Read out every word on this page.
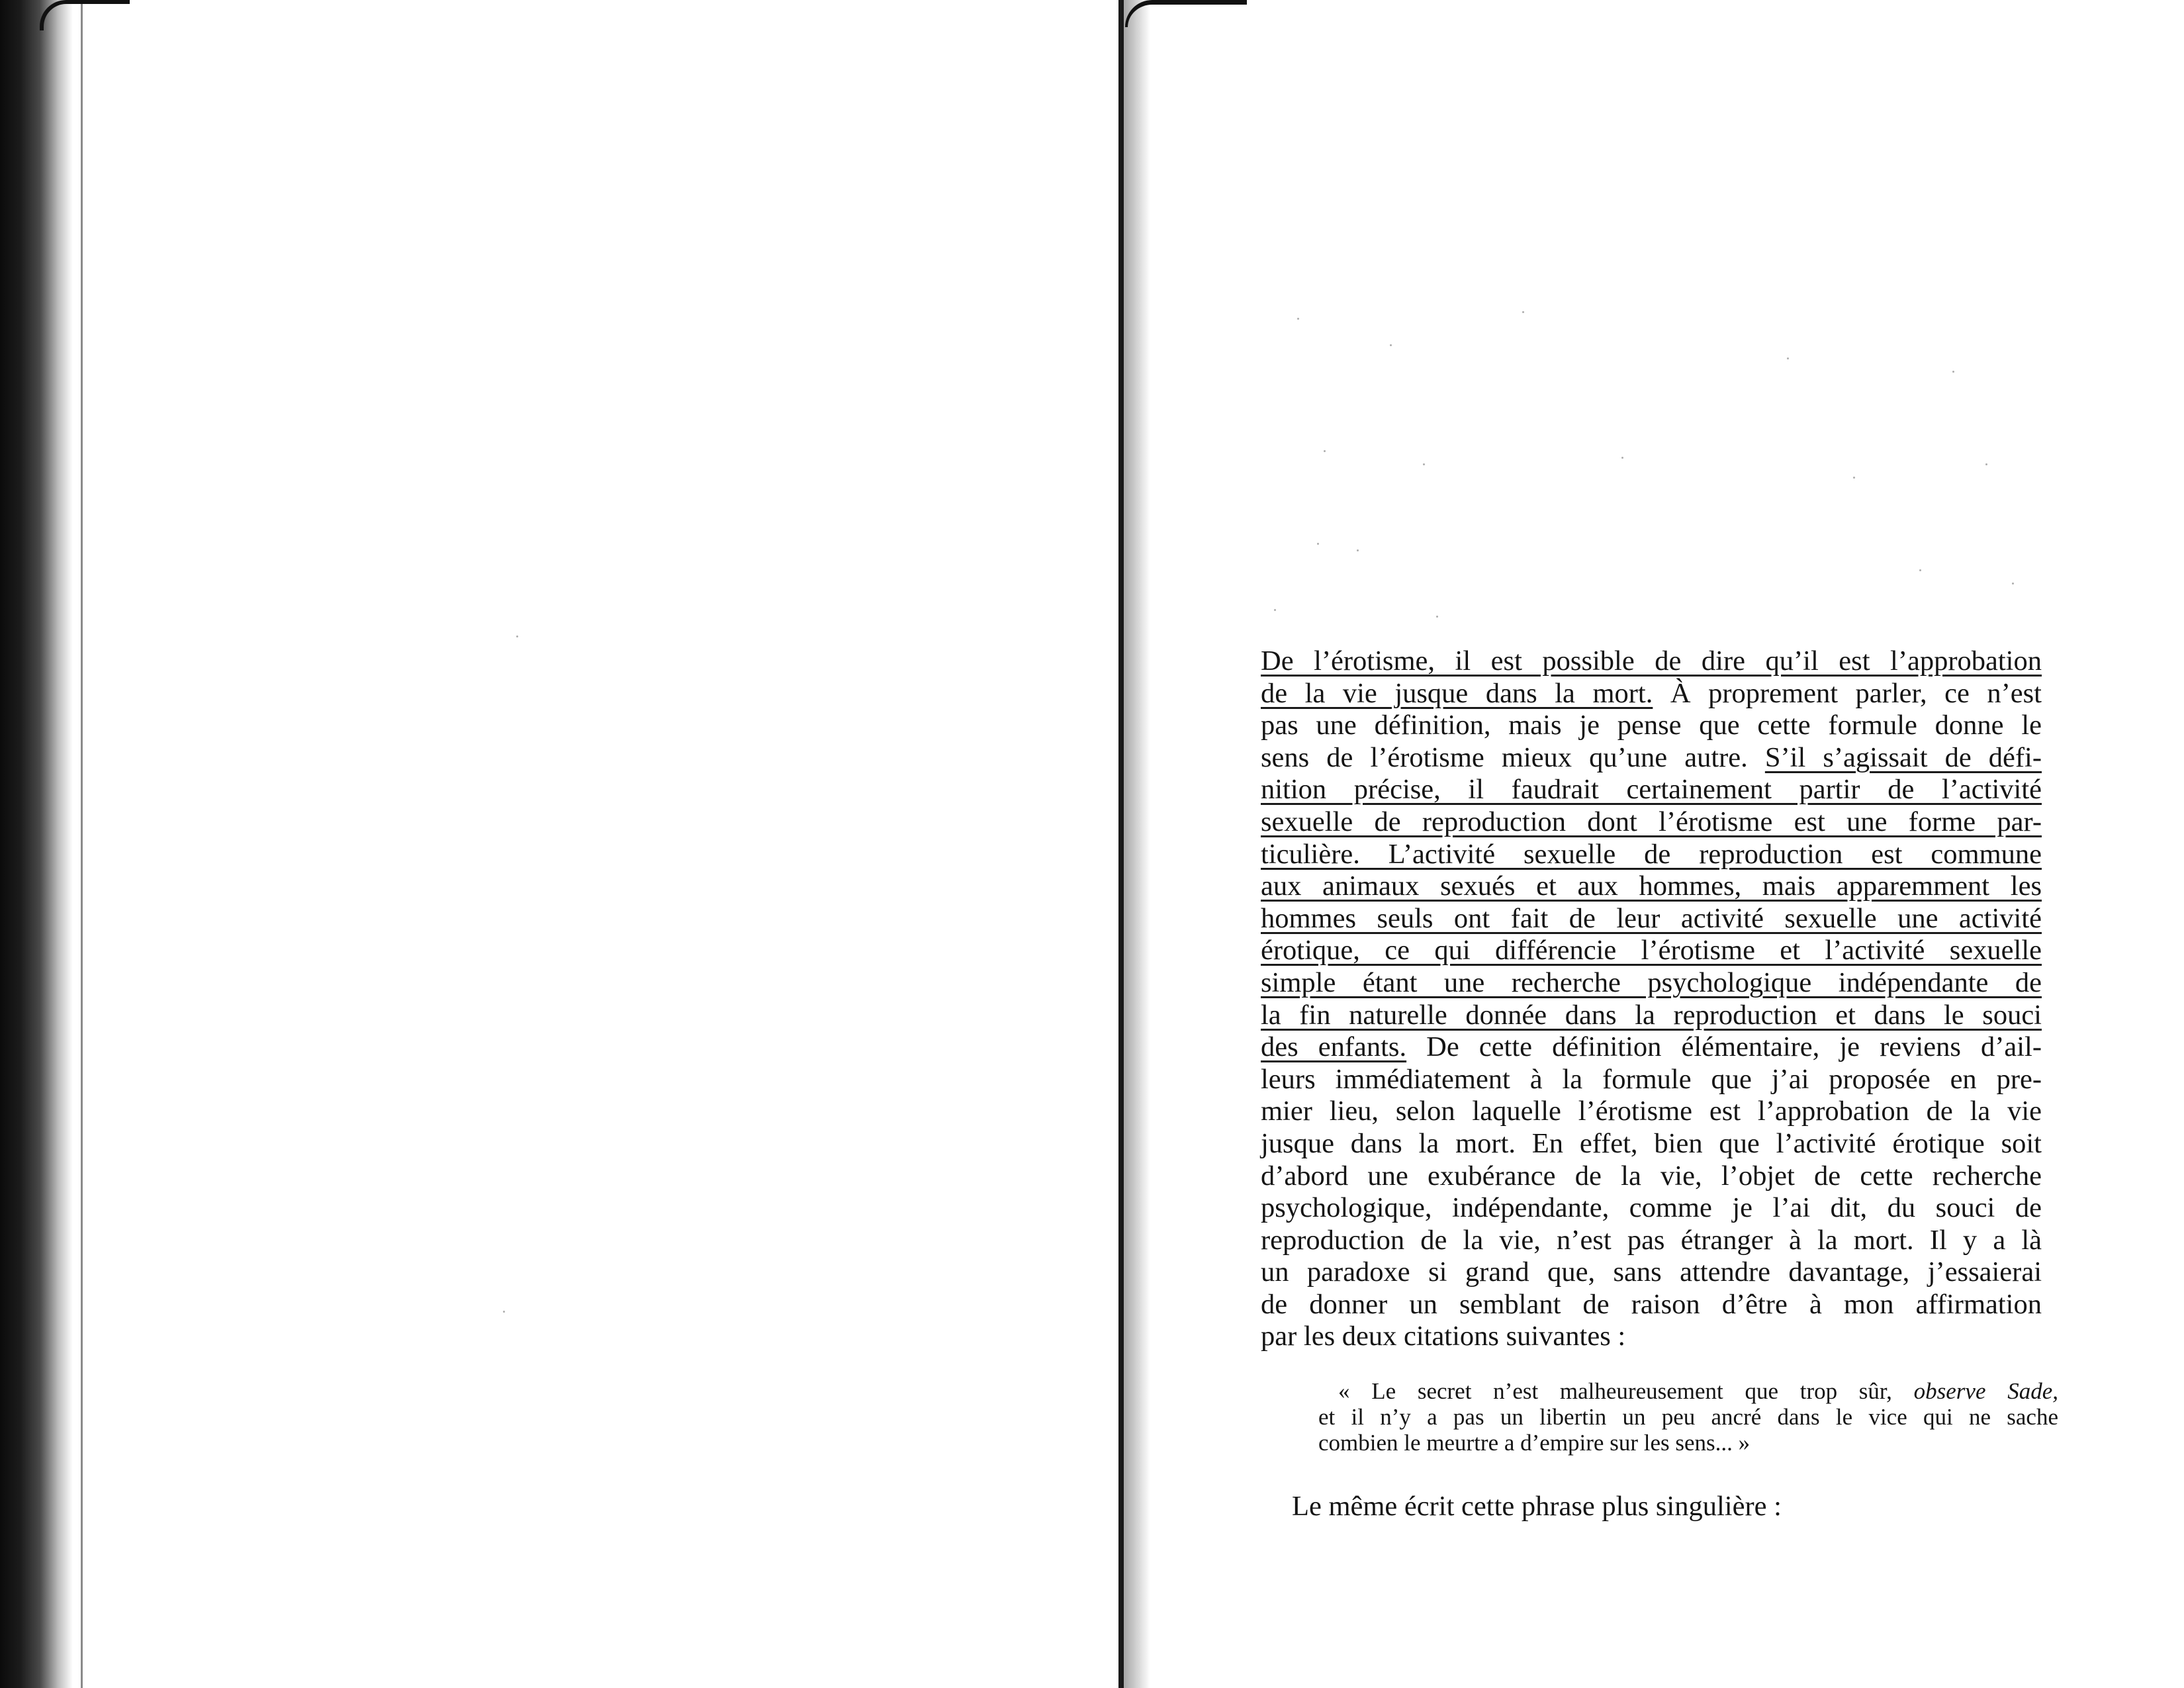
De l’érotisme, il est possible de dire qu’il est l’approbation
de la vie jusque dans la mort. À proprement parler, ce n’est
pas une définition, mais je pense que cette formule donne le
sens de l’érotisme mieux qu’une autre. S’il s’agissait de défi-
nition précise, il faudrait certainement partir de l’activité
sexuelle de reproduction dont l’érotisme est une forme par-
ticulière. L’activité sexuelle de reproduction est commune
aux animaux sexués et aux hommes, mais apparemment les
hommes seuls ont fait de leur activité sexuelle une activité
érotique, ce qui différencie l’érotisme et l’activité sexuelle
simple étant une recherche psychologique indépendante de
la fin naturelle donnée dans la reproduction et dans le souci
des enfants. De cette définition élémentaire, je reviens d’ail-
leurs immédiatement à la formule que j’ai proposée en pre-
mier lieu, selon laquelle l’érotisme est l’approbation de la vie
jusque dans la mort. En effet, bien que l’activité érotique soit
d’abord une exubérance de la vie, l’objet de cette recherche
psychologique, indépendante, comme je l’ai dit, du souci de
reproduction de la vie, n’est pas étranger à la mort. Il y a là
un paradoxe si grand que, sans attendre davantage, j’essaierai
de donner un semblant de raison d’être à mon affirmation
par les deux citations suivantes :
« Le secret n’est malheureusement que trop sûr, observe Sade,
et il n’y a pas un libertin un peu ancré dans le vice qui ne sache
combien le meurtre a d’empire sur les sens... »
Le même écrit cette phrase plus singulière :
